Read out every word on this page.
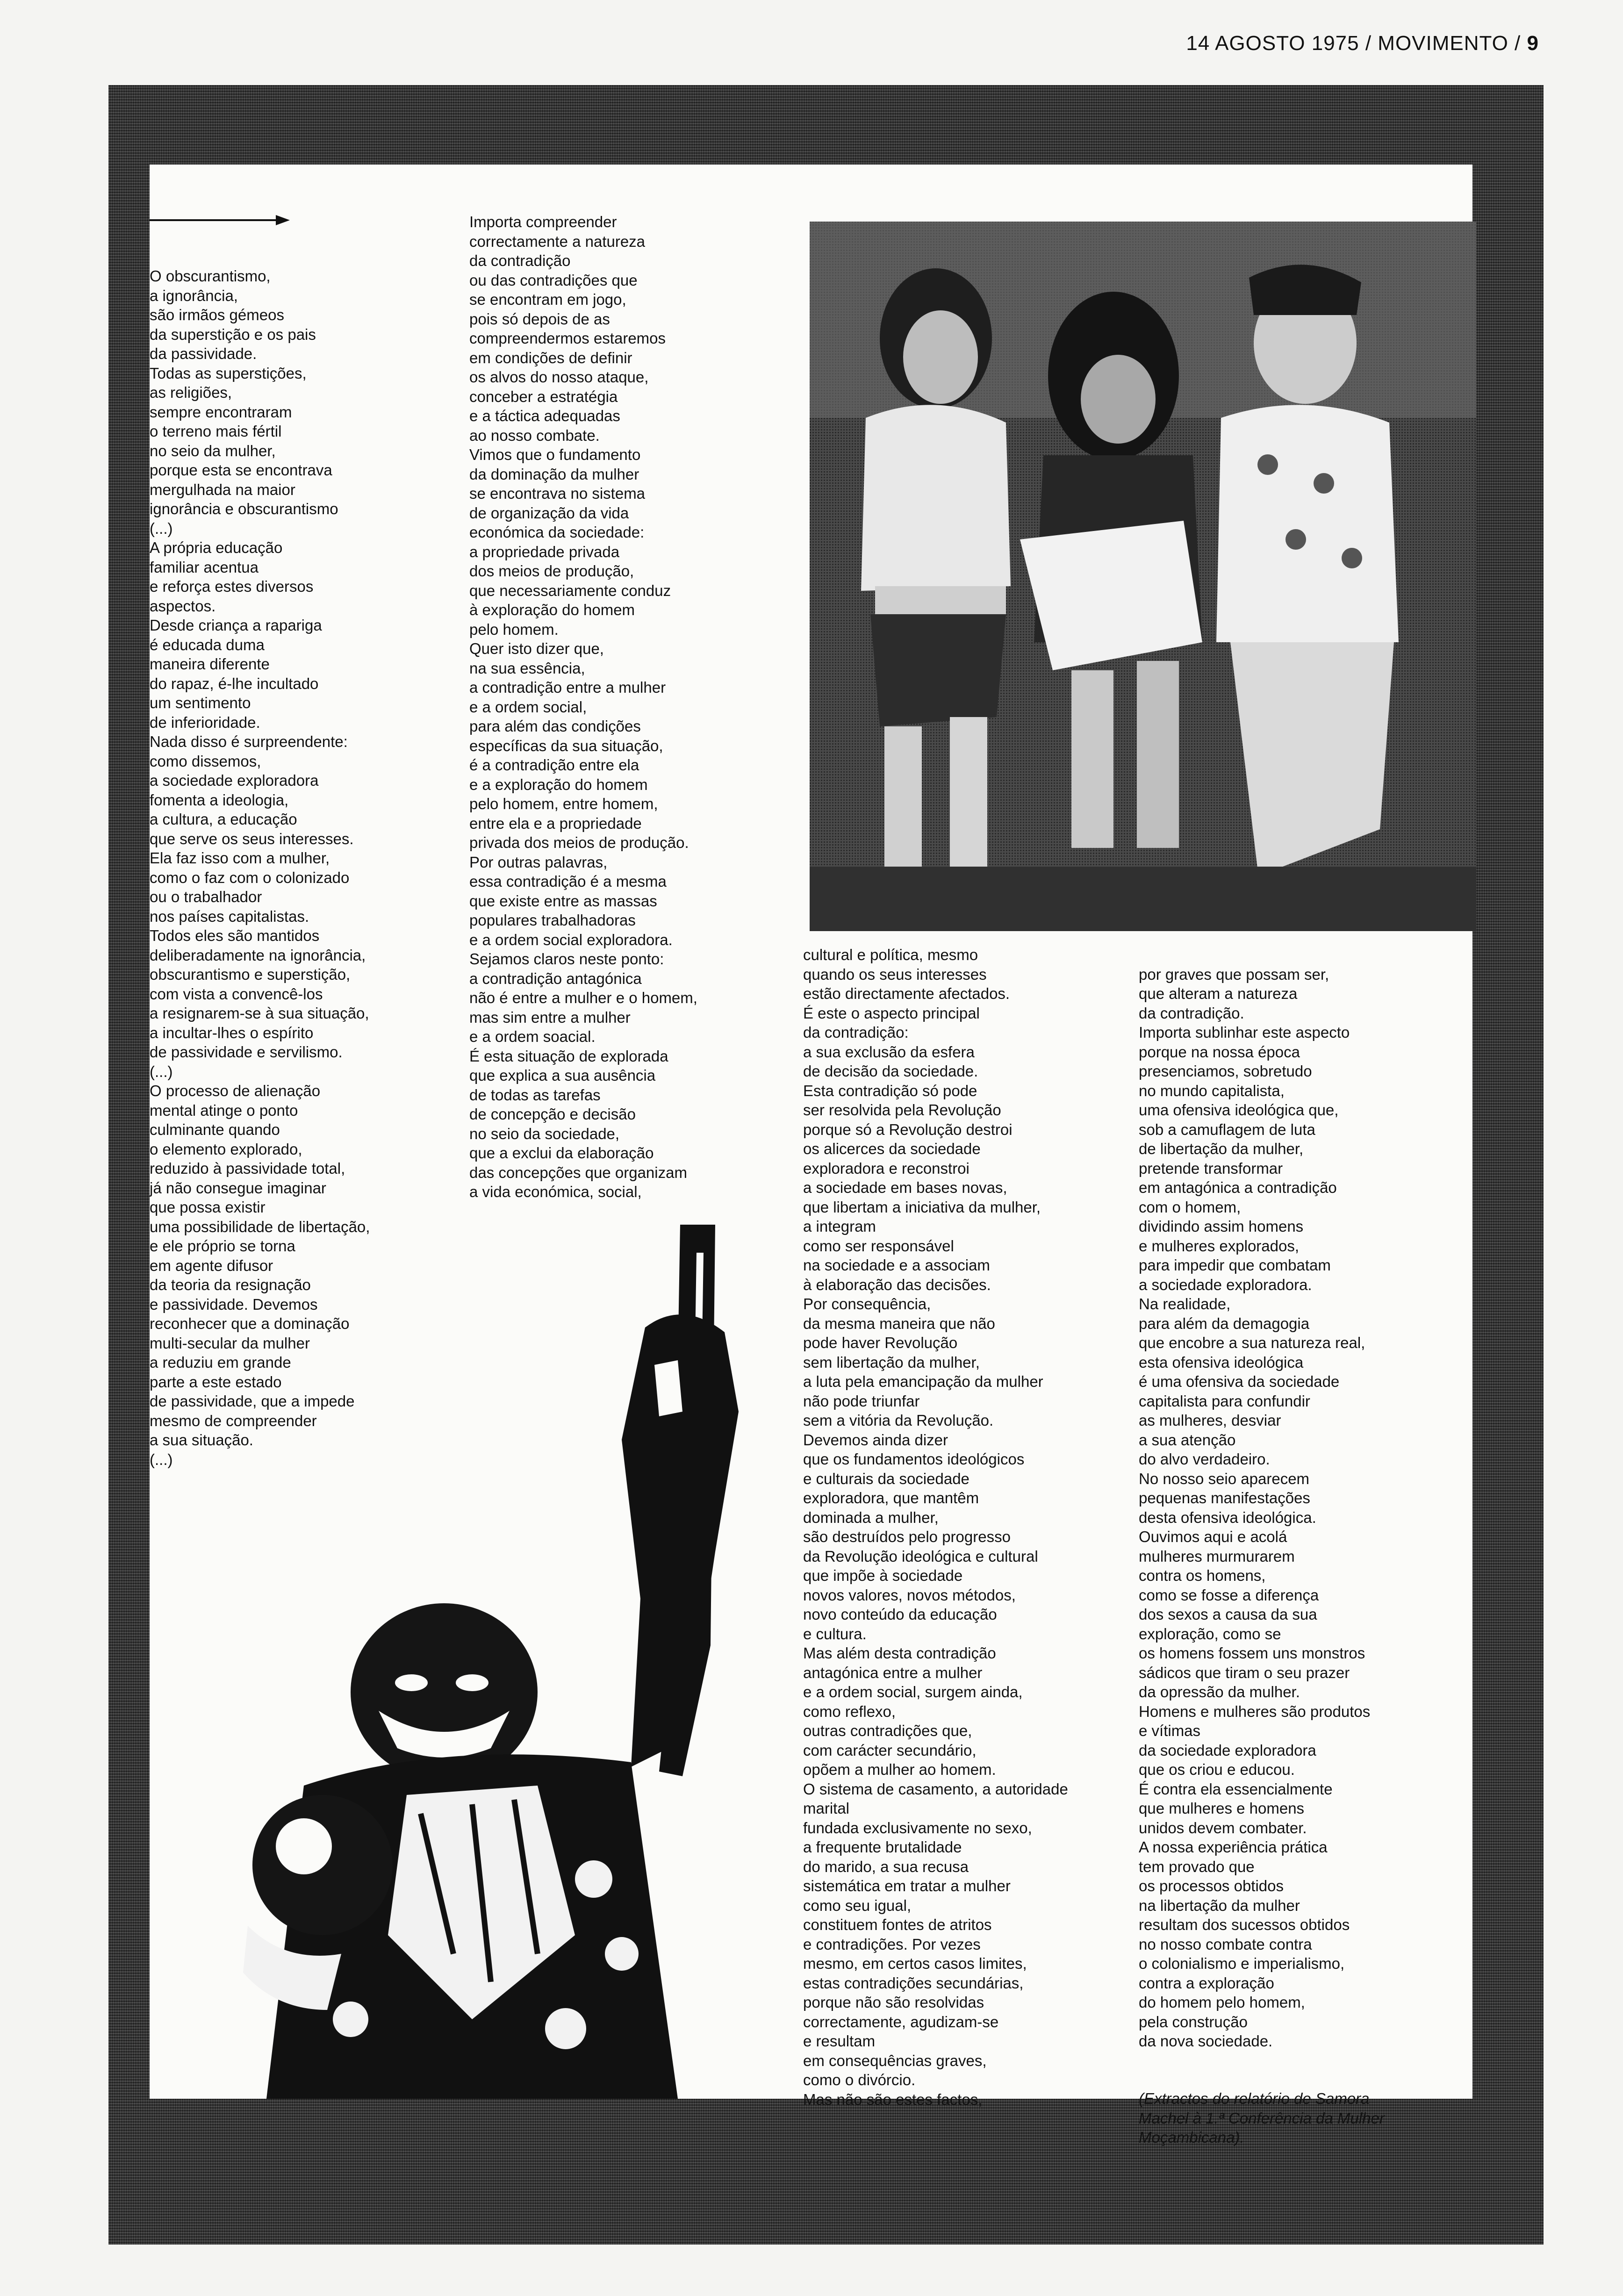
14 AGOSTO 1975 / MOVIMENTO / 9
O obscurantismo,
a ignorância,
são irmãos gémeos
da superstição e os pais
da passividade.
Todas as superstições,
as religiões,
sempre encontraram
o terreno mais fértil
no seio da mulher,
porque esta se encontrava
mergulhada na maior
ignorância e obscurantismo
(...)
A própria educação
familiar acentua
e reforça estes diversos
aspectos.
Desde criança a rapariga
é educada duma
maneira diferente
do rapaz, é-lhe incultado
um sentimento
de inferioridade.
Nada disso é surpreendente:
como dissemos,
a sociedade exploradora
fomenta a ideologia,
a cultura, a educação
que serve os seus interesses.
Ela faz isso com a mulher,
como o faz com o colonizado
ou o trabalhador
nos países capitalistas.
Todos eles são mantidos
deliberadamente na ignorância,
obscurantismo e superstição,
com vista a convencê-los
a resignarem-se à sua situação,
a incultar-lhes o espírito
de passividade e servilismo.
(...)
O processo de alienação
mental atinge o ponto
culminante quando
o elemento explorado,
reduzido à passividade total,
já não consegue imaginar
que possa existir
uma possibilidade de libertação,
e ele próprio se torna
em agente difusor
da teoria da resignação
e passividade. Devemos
reconhecer que a dominação
multi-secular da mulher
a reduziu em grande
parte a este estado
de passividade, que a impede
mesmo de compreender
a sua situação.
(...)
Importa compreender
correctamente a natureza
da contradição
ou das contradições que
se encontram em jogo,
pois só depois de as
compreendermos estaremos
em condições de definir
os alvos do nosso ataque,
conceber a estratégia
e a táctica adequadas
ao nosso combate.
Vimos que o fundamento
da dominação da mulher
se encontrava no sistema
de organização da vida
económica da sociedade:
a propriedade privada
dos meios de produção,
que necessariamente conduz
à exploração do homem
pelo homem.
Quer isto dizer que,
na sua essência,
a contradição entre a mulher
e a ordem social,
para além das condições
específicas da sua situação,
é a contradição entre ela
e a exploração do homem
pelo homem, entre homem,
entre ela e a propriedade
privada dos meios de produção.
Por outras palavras,
essa contradição é a mesma
que existe entre as massas
populares trabalhadoras
e a ordem social exploradora.
Sejamos claros neste ponto:
a contradição antagónica
não é entre a mulher e o homem,
mas sim entre a mulher
e a ordem soacial.
É esta situação de explorada
que explica a sua ausência
de todas as tarefas
de concepção e decisão
no seio da sociedade,
que a exclui da elaboração
das concepções que organizam
a vida económica, social,
cultural e política, mesmo
quando os seus interesses
estão directamente afectados.
É este o aspecto principal
da contradição:
a sua exclusão da esfera
de decisão da sociedade.
Esta contradição só pode
ser resolvida pela Revolução
porque só a Revolução destroi
os alicerces da sociedade
exploradora e reconstroi
a sociedade em bases novas,
que libertam a iniciativa da mulher,
a integram
como ser responsável
na sociedade e a associam
à elaboração das decisões.
Por consequência,
da mesma maneira que não
pode haver Revolução
sem libertação da mulher,
a luta pela emancipação da mulher
não pode triunfar
sem a vitória da Revolução.
Devemos ainda dizer
que os fundamentos ideológicos
e culturais da sociedade
exploradora, que mantêm
dominada a mulher,
são destruídos pelo progresso
da Revolução ideológica e cultural
que impõe à sociedade
novos valores, novos métodos,
novo conteúdo da educação
e cultura.
Mas além desta contradição
antagónica entre a mulher
e a ordem social, surgem ainda,
como reflexo,
outras contradições que,
com carácter secundário,
opõem a mulher ao homem.
O sistema de casamento, a autoridade
marital
fundada exclusivamente no sexo,
a frequente brutalidade
do marido, a sua recusa
sistemática em tratar a mulher
como seu igual,
constituem fontes de atritos
e contradições. Por vezes
mesmo, em certos casos limites,
estas contradições secundárias,
porque não são resolvidas
correctamente, agudizam-se
e resultam
em consequências graves,
como o divórcio.
Mas não são estes factos,

por graves que possam ser,
que alteram a natureza
da contradição.
Importa sublinhar este aspecto
porque na nossa época
presenciamos, sobretudo
no mundo capitalista,
uma ofensiva ideológica que,
sob a camuflagem de luta
de libertação da mulher,
pretende transformar
em antagónica a contradição
com o homem,
dividindo assim homens
e mulheres explorados,
para impedir que combatam
a sociedade exploradora.
Na realidade,
para além da demagogia
que encobre a sua natureza real,
esta ofensiva ideológica
é uma ofensiva da sociedade
capitalista para confundir
as mulheres, desviar
a sua atenção
do alvo verdadeiro.
No nosso seio aparecem
pequenas manifestações
desta ofensiva ideológica.
Ouvimos aqui e acolá
mulheres murmurarem
contra os homens,
como se fosse a diferença
dos sexos a causa da sua
exploração, como se
os homens fossem uns monstros
sádicos que tiram o seu prazer
da opressão da mulher.
Homens e mulheres são produtos
e vítimas
da sociedade exploradora
que os criou e educou.
É contra ela essencialmente
que mulheres e homens
unidos devem combater.
A nossa experiência prática
tem provado que
os processos obtidos
na libertação da mulher
resultam dos sucessos obtidos
no nosso combate contra
o colonialismo e imperialismo,
contra a exploração
do homem pelo homem,
pela construção
da nova sociedade.

(Extractos do relatório de Samora
Machel à 1.ª Conferência da Mulher
Moçambicana).
